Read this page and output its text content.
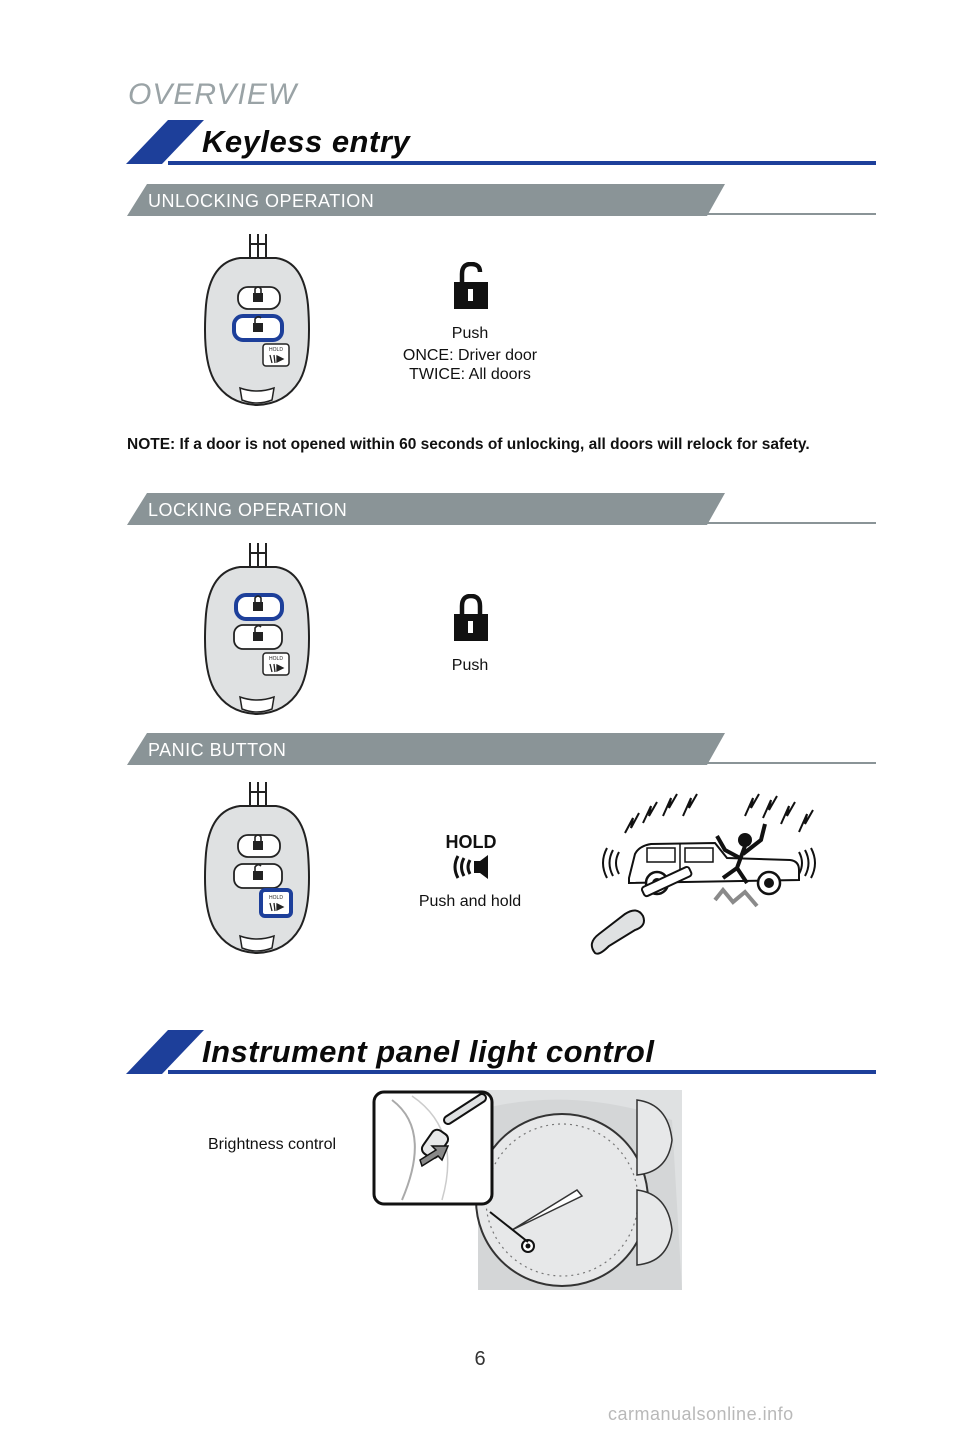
OVERVIEW
Keyless entry
UNLOCKING OPERATION
HOLD
Push
ONCE: Driver door
TWICE: All doors
NOTE: If a door is not opened within 60 seconds of unlocking, all doors will relock for safety.
LOCKING OPERATION
HOLD	Push
PANIC BUTTON
HOLD
HOLD
Push and hold
Instrument panel light control
Brightness control
6
carmanualsonline.info
